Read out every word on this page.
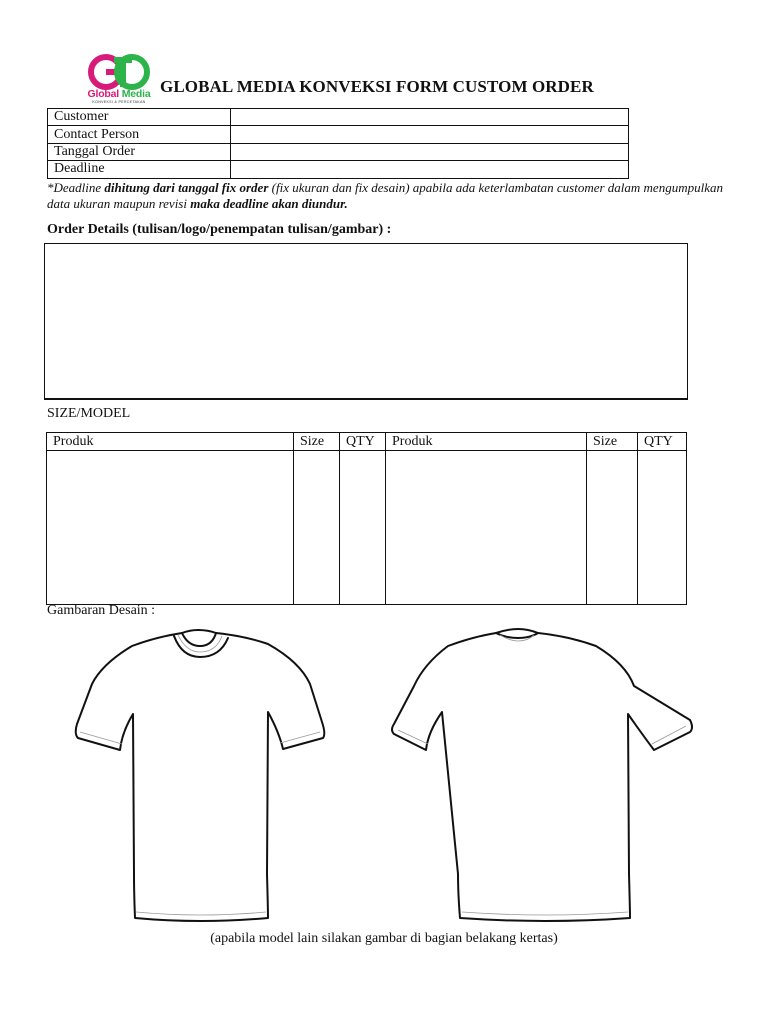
Global Media
KONVEKSI & PERCETAKAN
GLOBAL MEDIA KONVEKSI FORM CUSTOM ORDER
Customer	
Contact Person	
Tanggal Order	
Deadline	
*Deadline dihitung dari tanggal fix order (fix ukuran dan fix desain) apabila ada keterlambatan customer dalam mengumpulkan data ukuran maupun revisi maka deadline akan diundur.
Order Details (tulisan/logo/penempatan tulisan/gambar) :
SIZE/MODEL
Produk	Size	QTY	Produk	Size	QTY

Gambaran Desain :
(apabila model lain silakan gambar di bagian belakang kertas)
